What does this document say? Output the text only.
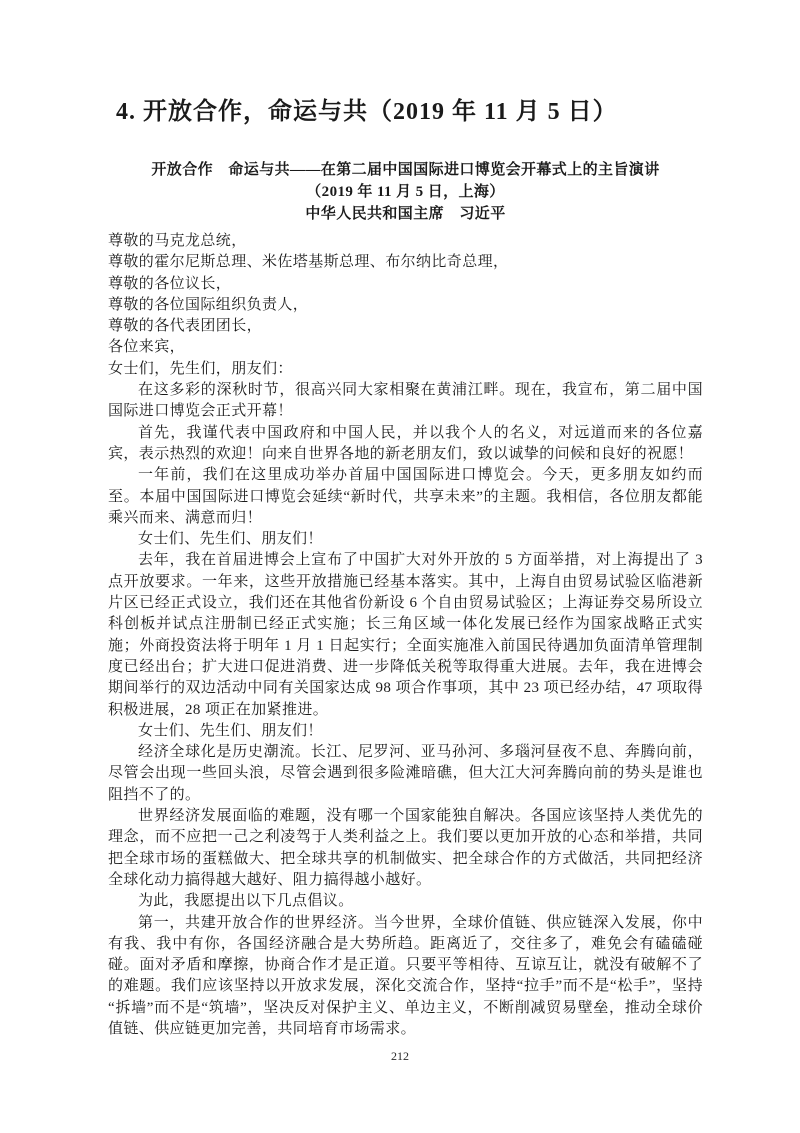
4. 开放合作，命运与共（2019 年 11 月 5 日）

开放合作　命运与共——在第二届中国国际进口博览会开幕式上的主旨演讲

（2019 年 11 月 5 日，上海）

中华人民共和国主席　习近平

尊敬的马克龙总统，

尊敬的霍尔尼斯总理、米佐塔基斯总理、布尔纳比奇总理，

尊敬的各位议长，

尊敬的各位国际组织负责人，

尊敬的各代表团团长，

各位来宾，

女士们，先生们，朋友们：

在这多彩的深秋时节，很高兴同大家相聚在黄浦江畔。现在，我宣布，第二届中国国际进口博览会正式开幕！

首先，我谨代表中国政府和中国人民，并以我个人的名义，对远道而来的各位嘉宾，表示热烈的欢迎！向来自世界各地的新老朋友们，致以诚挚的问候和良好的祝愿！

一年前，我们在这里成功举办首届中国国际进口博览会。今天，更多朋友如约而至。本届中国国际进口博览会延续“新时代，共享未来”的主题。我相信，各位朋友都能乘兴而来、满意而归！

女士们、先生们、朋友们！

去年，我在首届进博会上宣布了中国扩大对外开放的 5 方面举措，对上海提出了 3 点开放要求。一年来，这些开放措施已经基本落实。其中，上海自由贸易试验区临港新片区已经正式设立，我们还在其他省份新设 6 个自由贸易试验区；上海证券交易所设立科创板并试点注册制已经正式实施；长三角区域一体化发展已经作为国家战略正式实施；外商投资法将于明年 1 月 1 日起实行；全面实施准入前国民待遇加负面清单管理制度已经出台；扩大进口促进消费、进一步降低关税等取得重大进展。去年，我在进博会期间举行的双边活动中同有关国家达成 98 项合作事项，其中 23 项已经办结，47 项取得积极进展，28 项正在加紧推进。

女士们、先生们、朋友们！

经济全球化是历史潮流。长江、尼罗河、亚马孙河、多瑙河昼夜不息、奔腾向前，尽管会出现一些回头浪，尽管会遇到很多险滩暗礁，但大江大河奔腾向前的势头是谁也阻挡不了的。

世界经济发展面临的难题，没有哪一个国家能独自解决。各国应该坚持人类优先的理念，而不应把一己之利凌驾于人类利益之上。我们要以更加开放的心态和举措，共同把全球市场的蛋糕做大、把全球共享的机制做实、把全球合作的方式做活，共同把经济全球化动力搞得越大越好、阻力搞得越小越好。

为此，我愿提出以下几点倡议。

第一，共建开放合作的世界经济。当今世界，全球价值链、供应链深入发展，你中有我、我中有你，各国经济融合是大势所趋。距离近了，交往多了，难免会有磕磕碰碰。面对矛盾和摩擦，协商合作才是正道。只要平等相待、互谅互让，就没有破解不了的难题。我们应该坚持以开放求发展，深化交流合作，坚持“拉手”而不是“松手”，坚持“拆墙”而不是“筑墙”，坚决反对保护主义、单边主义，不断削减贸易壁垒，推动全球价值链、供应链更加完善，共同培育市场需求。

212
